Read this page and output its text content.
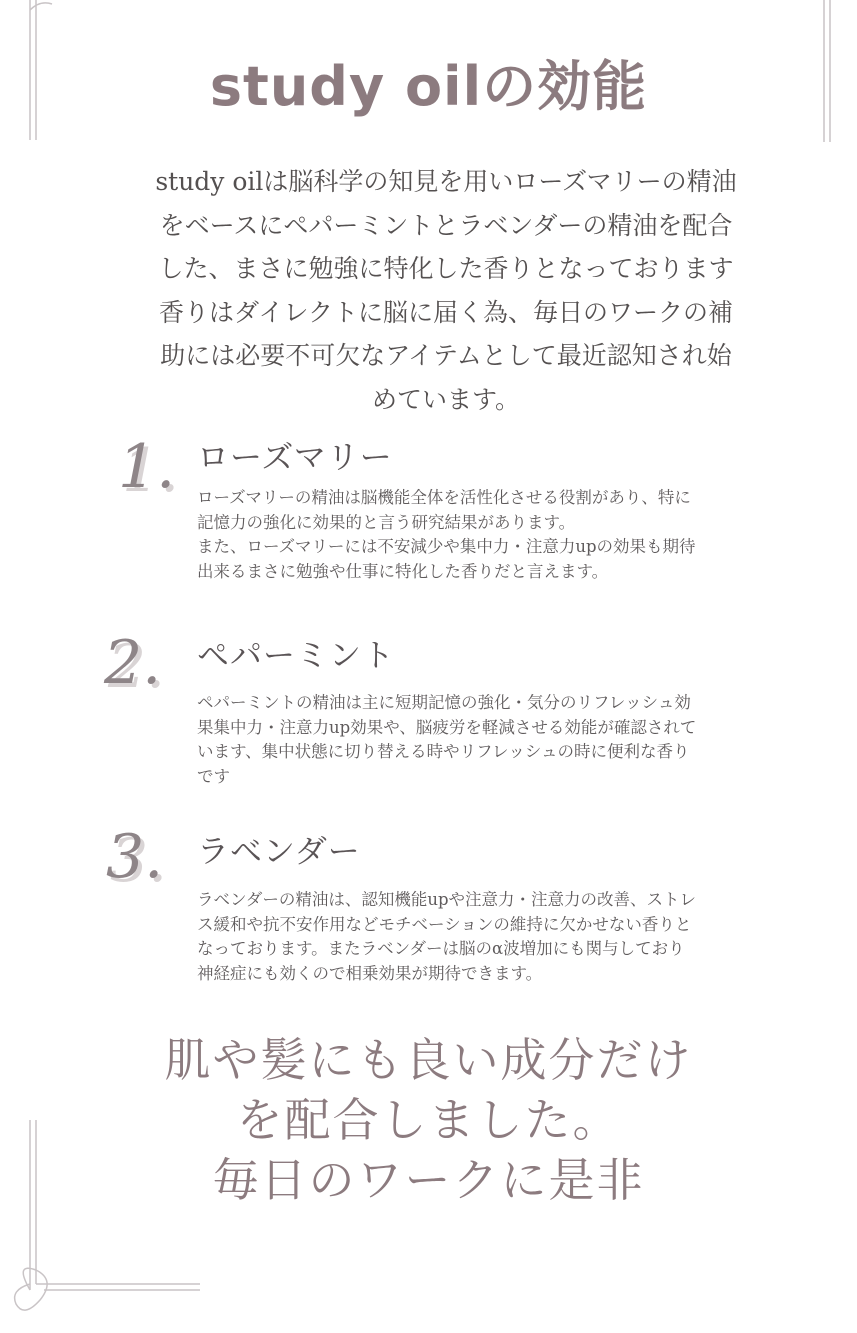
study oilの効能
study oilは脳科学の知見を用いローズマリーの精油
をベースにペパーミントとラベンダーの精油を配合
した、まさに勉強に特化した香りとなっております
香りはダイレクトに脳に届く為、毎日のワークの補
助には必要不可欠なアイテムとして最近認知され始
めています。
1. ローズマリー
ローズマリーの精油は脳機能全体を活性化させる役割があり、特に
記憶力の強化に効果的と言う研究結果があります。
また、ローズマリーには不安減少や集中力・注意力upの効果も期待
出来るまさに勉強や仕事に特化した香りだと言えます。
2. ペパーミント
ペパーミントの精油は主に短期記憶の強化・気分のリフレッシュ効
果集中力・注意力up効果や、脳疲労を軽減させる効能が確認されて
います、集中状態に切り替える時やリフレッシュの時に便利な香り
です
3. ラベンダー
ラベンダーの精油は、認知機能upや注意力・注意力の改善、ストレ
ス緩和や抗不安作用などモチベーションの維持に欠かせない香りと
なっております。またラベンダーは脳のα波増加にも関与しており
神経症にも効くので相乗効果が期待できます。
肌や髪にも良い成分だけ
を配合しました。
毎日のワークに是非
